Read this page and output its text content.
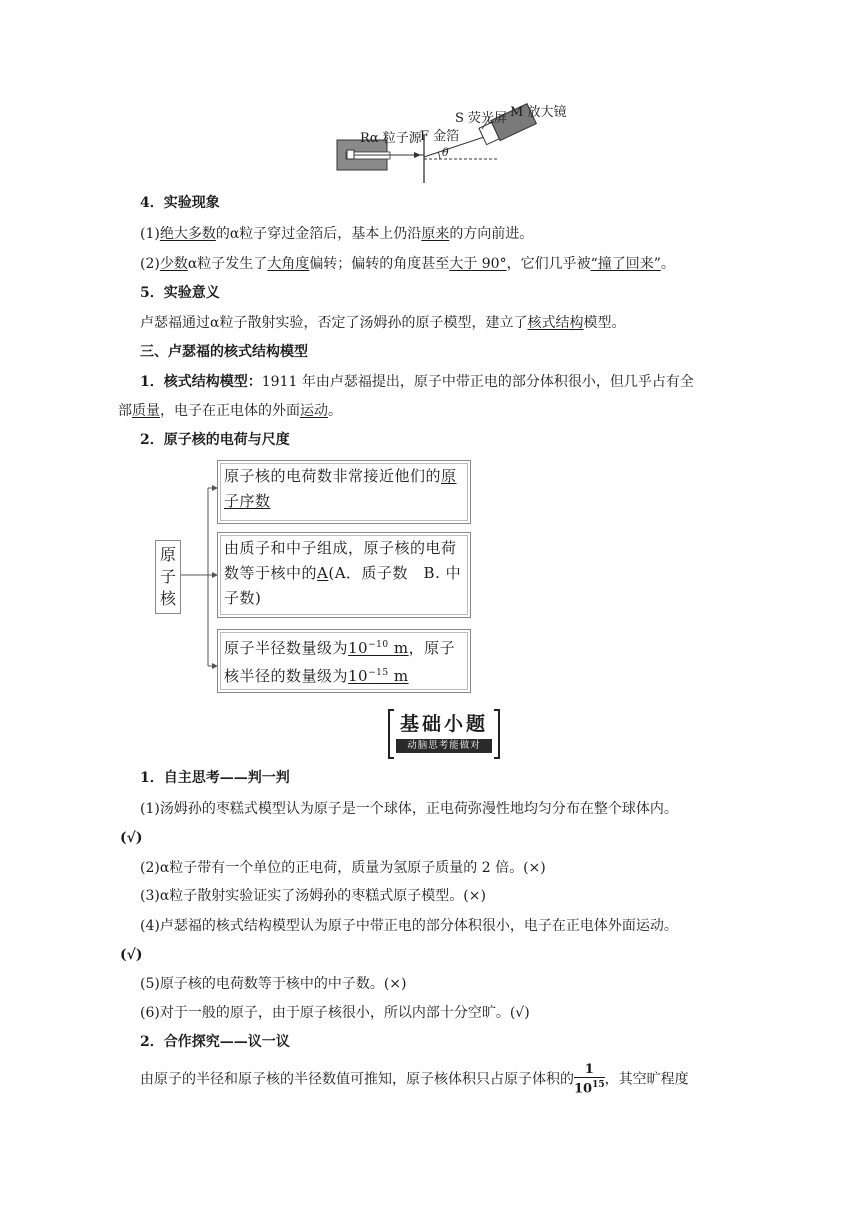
Rα 粒子源
F 金箔
S 荧光屏 M 放大镜
θ
4．实验现象
(1)绝大多数的α粒子穿过金箔后，基本上仍沿原来的方向前进。
(2)少数α粒子发生了大角度偏转；偏转的角度甚至大于 90°，它们几乎被“撞了回来”。
5．实验意义
卢瑟福通过α粒子散射实验，否定了汤姆孙的原子模型，建立了核式结构模型。
三、卢瑟福的核式结构模型
1．核式结构模型：1911 年由卢瑟福提出，原子中带正电的部分体积很小，但几乎占有全
部质量，电子在正电体的外面运动。
2．原子核的电荷与尺度
原子核
原子核的电荷数非常接近他们的原子序数
由质子和中子组成，原子核的电荷数等于核中的A(A．质子数　B. 中子数)
原子半径数量级为$10^{-10}$ m，原子核半径的数量级为$10^{-15}$ m
基础小题
动脑思考能做对
1．自主思考——判一判
(1)汤姆孙的枣糕式模型认为原子是一个球体，正电荷弥漫性地均匀分布在整个球体内。
(√)
(2)α粒子带有一个单位的正电荷，质量为氢原子质量的 2 倍。(×)
(3)α粒子散射实验证实了汤姆孙的枣糕式原子模型。(×)
(4)卢瑟福的核式结构模型认为原子中带正电的部分体积很小，电子在正电体外面运动。
(√)
(5)原子核的电荷数等于核中的中子数。(×)
(6)对于一般的原子，由于原子核很小，所以内部十分空旷。(√)
2．合作探究——议一议
由原子的半径和原子核的半径数值可推知，原子核体积只占原子体积的 $\frac{1}{10^{15}}$ ，其空旷程度
